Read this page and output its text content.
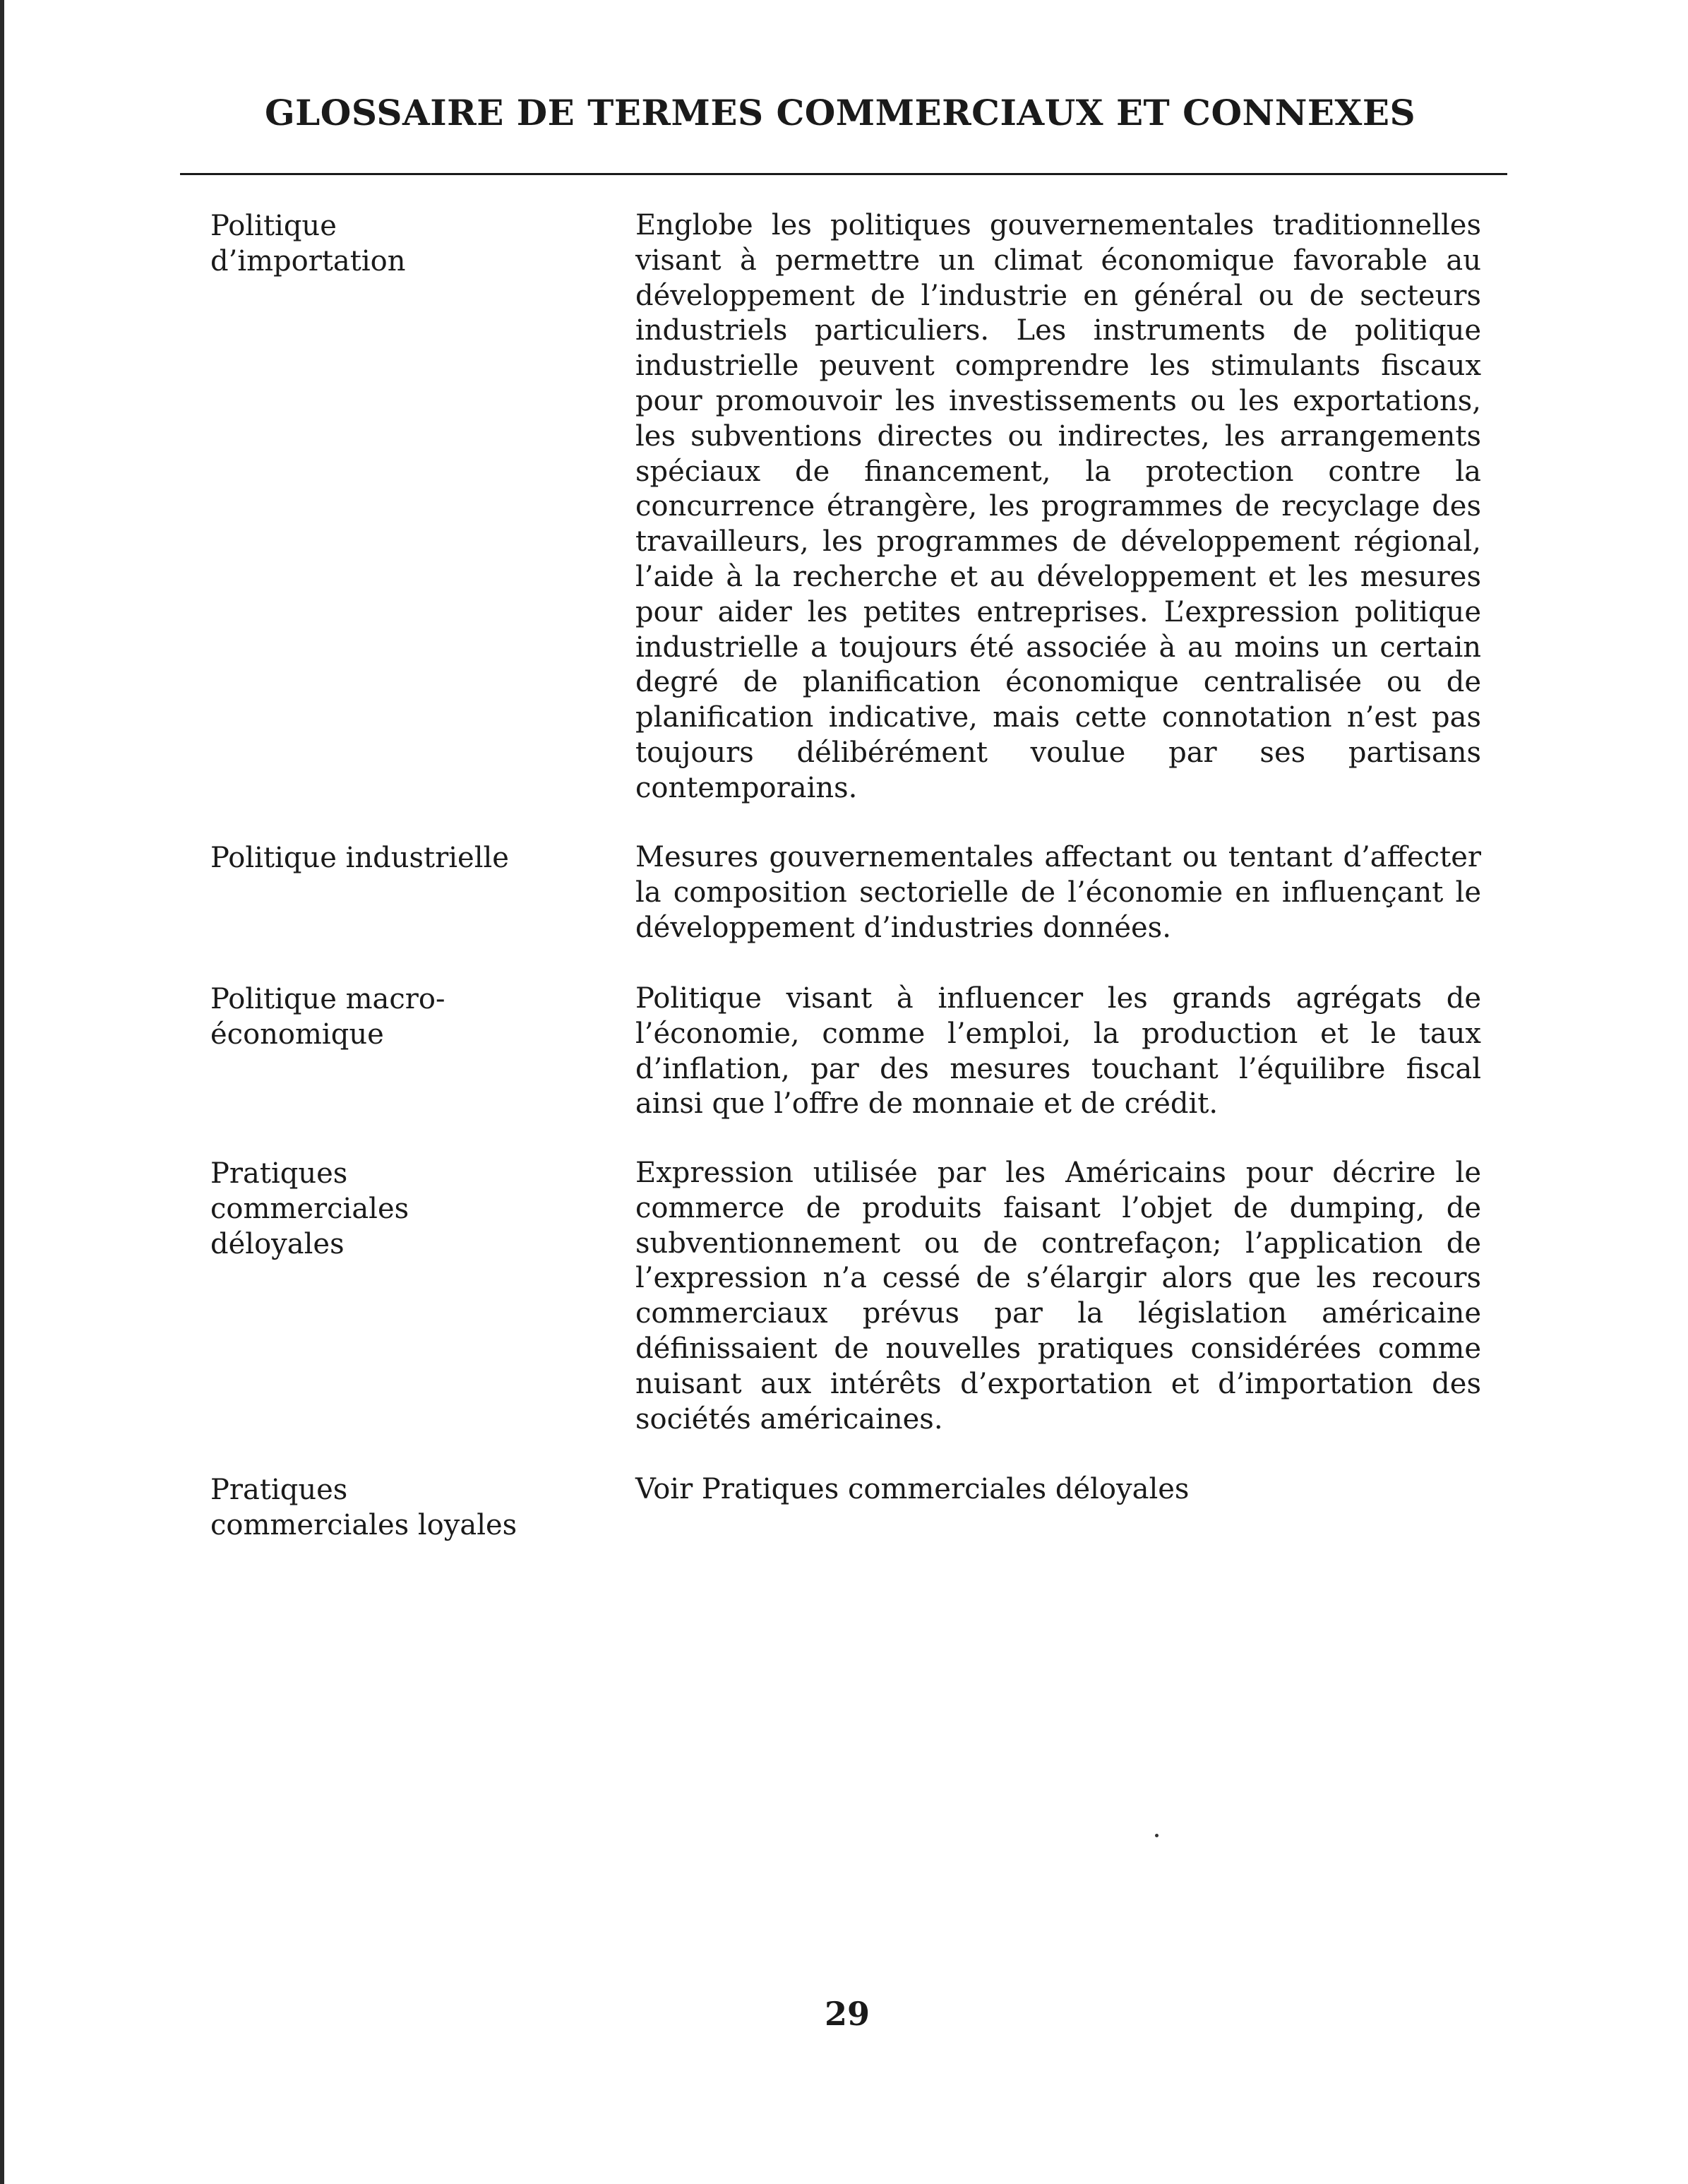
GLOSSAIRE DE TERMES COMMERCIAUX ET CONNEXES
Politique
d’importation
Englobe les politiques gouvernementales traditionnelles visant à permettre un climat économique favorable au développement de l’industrie en général ou de secteurs industriels particuliers. Les instruments de politique industrielle peuvent comprendre les stimulants fiscaux pour promouvoir les investissements ou les exportations, les subventions directes ou indirectes, les arrangements spéciaux de financement, la protection contre la concurrence étrangère, les programmes de recyclage des travailleurs, les programmes de développement régional, l’aide à la recherche et au développement et les mesures pour aider les petites entreprises. L’expression politique industrielle a toujours été associée à au moins un certain degré de planification économique centralisée ou de planification indicative, mais cette connotation n’est pas toujours délibérément voulue par ses partisans contemporains.
Politique industrielle	Mesures gouvernementales affectant ou tentant d’affecter la composition sectorielle de l’économie en influençant le développement d’industries données.
Politique macro-
économique
Politique visant à influencer les grands agrégats de l’économie, comme l’emploi, la production et le taux d’inflation, par des mesures touchant l’équilibre fiscal ainsi que l’offre de monnaie et de crédit.
Pratiques
commerciales
déloyales
Expression utilisée par les Américains pour décrire le commerce de produits faisant l’objet de dumping, de subventionnement ou de contrefaçon; l’application de l’expression n’a cessé de s’élargir alors que les recours commerciaux prévus par la législation américaine définissaient de nouvelles pratiques considérées comme nuisant aux intérêts d’exportation et d’importation des sociétés américaines.
Pratiques
commerciales loyales
Voir Pratiques commerciales déloyales
29
